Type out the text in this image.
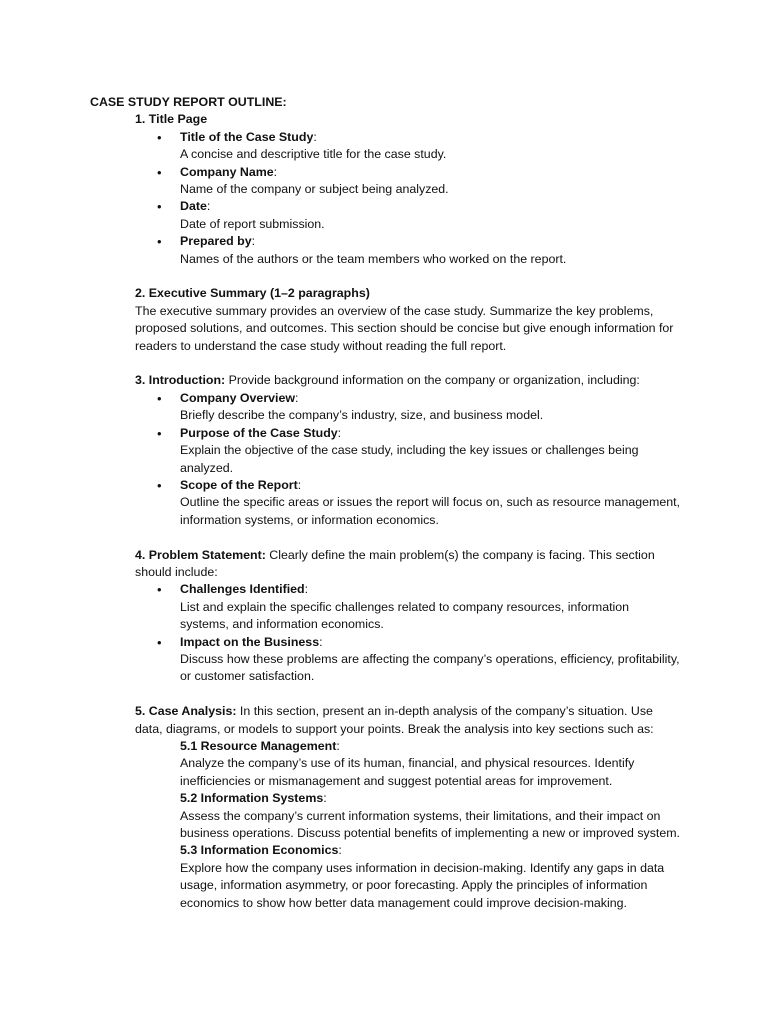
CASE STUDY REPORT OUTLINE:
1. Title Page
• Title of the Case Study:
A concise and descriptive title for the case study.
• Company Name:
Name of the company or subject being analyzed.
• Date:
Date of report submission.
• Prepared by:
Names of the authors or the team members who worked on the report.
2. Executive Summary (1–2 paragraphs)
The executive summary provides an overview of the case study. Summarize the key problems, proposed solutions, and outcomes. This section should be concise but give enough information for readers to understand the case study without reading the full report.
3. Introduction: Provide background information on the company or organization, including:
• Company Overview:
Briefly describe the company’s industry, size, and business model.
• Purpose of the Case Study:
Explain the objective of the case study, including the key issues or challenges being analyzed.
• Scope of the Report:
Outline the specific areas or issues the report will focus on, such as resource management, information systems, or information economics.
4. Problem Statement: Clearly define the main problem(s) the company is facing. This section should include:
• Challenges Identified:
List and explain the specific challenges related to company resources, information systems, and information economics.
• Impact on the Business:
Discuss how these problems are affecting the company’s operations, efficiency, profitability, or customer satisfaction.
5. Case Analysis: In this section, present an in-depth analysis of the company’s situation. Use data, diagrams, or models to support your points. Break the analysis into key sections such as:
5.1 Resource Management:
Analyze the company’s use of its human, financial, and physical resources. Identify inefficiencies or mismanagement and suggest potential areas for improvement.
5.2 Information Systems:
Assess the company’s current information systems, their limitations, and their impact on business operations. Discuss potential benefits of implementing a new or improved system.
5.3 Information Economics:
Explore how the company uses information in decision-making. Identify any gaps in data usage, information asymmetry, or poor forecasting. Apply the principles of information economics to show how better data management could improve decision-making.
